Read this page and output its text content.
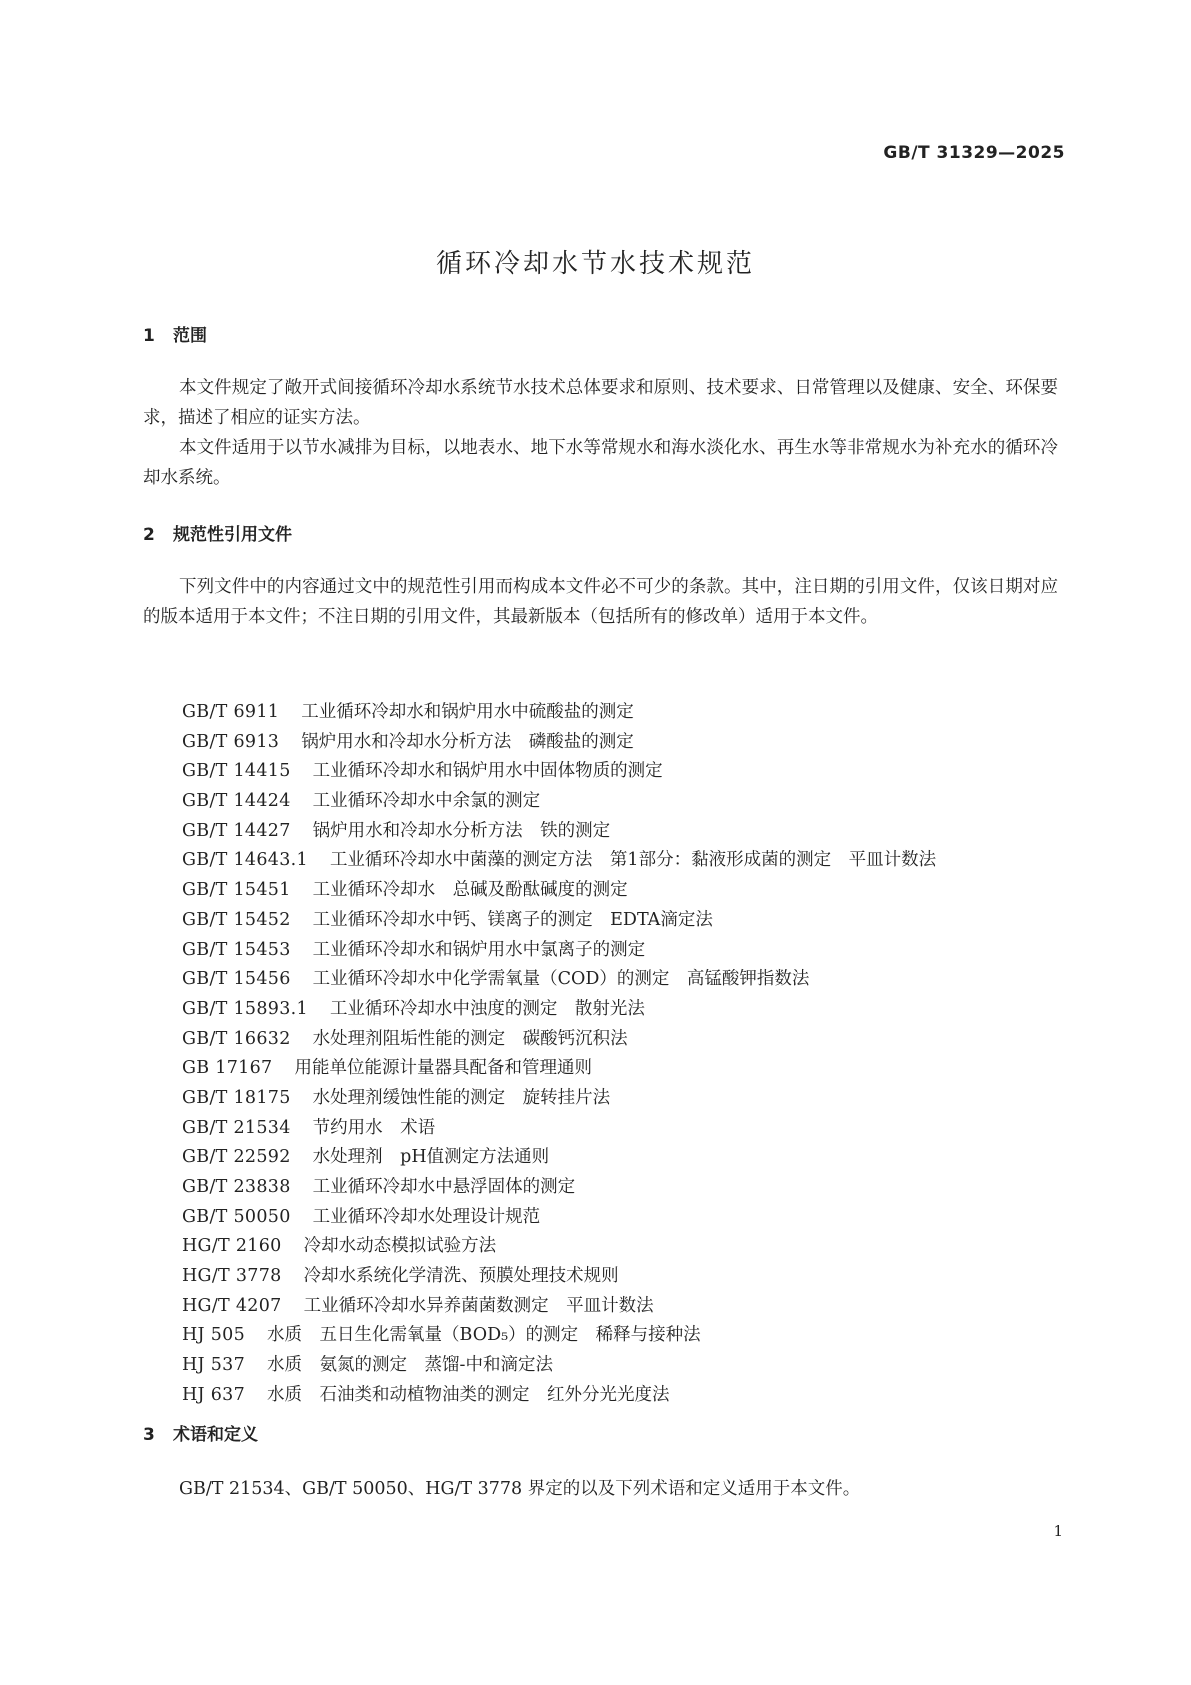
GB/T 31329—2025
循环冷却水节水技术规范
1 范围

本文件规定了敞开式间接循环冷却水系统节水技术总体要求和原则、技术要求、日常管理以及健康、安全、环保要求，描述了相应的证实方法。

本文件适用于以节水减排为目标，以地表水、地下水等常规水和海水淡化水、再生水等非常规水为补充水的循环冷却水系统。

2 规范性引用文件

下列文件中的内容通过文中的规范性引用而构成本文件必不可少的条款。其中，注日期的引用文件，仅该日期对应的版本适用于本文件；不注日期的引用文件，其最新版本（包括所有的修改单）适用于本文件。

GB/T 6911 工业循环冷却水和锅炉用水中硫酸盐的测定
GB/T 6913 锅炉用水和冷却水分析方法　磷酸盐的测定
GB/T 14415 工业循环冷却水和锅炉用水中固体物质的测定
GB/T 14424 工业循环冷却水中余氯的测定
GB/T 14427 锅炉用水和冷却水分析方法　铁的测定
GB/T 14643.1 工业循环冷却水中菌藻的测定方法　第1部分：黏液形成菌的测定　平皿计数法
GB/T 15451 工业循环冷却水　总碱及酚酞碱度的测定
GB/T 15452 工业循环冷却水中钙、镁离子的测定　EDTA滴定法
GB/T 15453 工业循环冷却水和锅炉用水中氯离子的测定
GB/T 15456 工业循环冷却水中化学需氧量（COD）的测定　高锰酸钾指数法
GB/T 15893.1 工业循环冷却水中浊度的测定　散射光法
GB/T 16632 水处理剂阻垢性能的测定　碳酸钙沉积法
GB 17167 用能单位能源计量器具配备和管理通则
GB/T 18175 水处理剂缓蚀性能的测定　旋转挂片法
GB/T 21534 节约用水　术语
GB/T 22592 水处理剂　pH值测定方法通则
GB/T 23838 工业循环冷却水中悬浮固体的测定
GB/T 50050 工业循环冷却水处理设计规范
HG/T 2160 冷却水动态模拟试验方法
HG/T 3778 冷却水系统化学清洗、预膜处理技术规则
HG/T 4207 工业循环冷却水异养菌菌数测定　平皿计数法
HJ 505 水质　五日生化需氧量（BOD₅）的测定　稀释与接种法
HJ 537 水质　氨氮的测定　蒸馏-中和滴定法
HJ 637 水质　石油类和动植物油类的测定　红外分光光度法
3 术语和定义

GB/T 21534、GB/T 50050、HG/T 3778 界定的以及下列术语和定义适用于本文件。

1
